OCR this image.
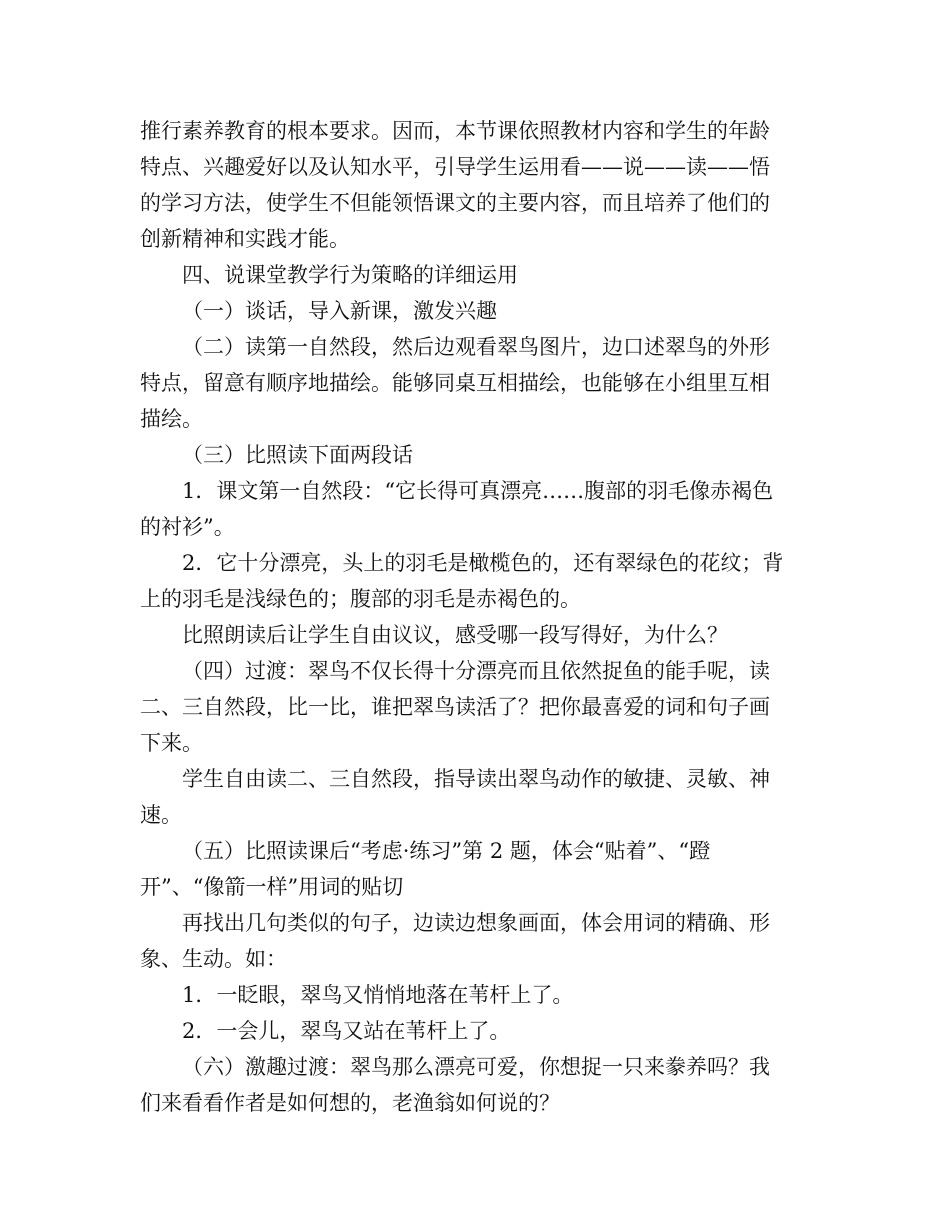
推行素养教育的根本要求。因而，本节课依照教材内容和学生的年龄
特点、兴趣爱好以及认知水平，引导学生运用看——说——读——悟
的学习方法，使学生不但能领悟课文的主要内容，而且培养了他们的
创新精神和实践才能。
四、说课堂教学行为策略的详细运用
（一）谈话，导入新课，激发兴趣
（二）读第一自然段，然后边观看翠鸟图片，边口述翠鸟的外形
特点，留意有顺序地描绘。能够同桌互相描绘，也能够在小组里互相
描绘。
（三）比照读下面两段话
1．课文第一自然段：“它长得可真漂亮……腹部的羽毛像赤褐色
的衬衫”。
2．它十分漂亮，头上的羽毛是橄榄色的，还有翠绿色的花纹；背
上的羽毛是浅绿色的；腹部的羽毛是赤褐色的。
比照朗读后让学生自由议议，感受哪一段写得好，为什么？
（四）过渡：翠鸟不仅长得十分漂亮而且依然捉鱼的能手呢，读
二、三自然段，比一比，谁把翠鸟读活了？把你最喜爱的词和句子画
下来。
学生自由读二、三自然段，指导读出翠鸟动作的敏捷、灵敏、神
速。
（五）比照读课后“考虑·练习”第 2 题，体会“贴着”、“蹬
开”、“像箭一样”用词的贴切
再找出几句类似的句子，边读边想象画面，体会用词的精确、形
象、生动。如：
1．一眨眼，翠鸟又悄悄地落在苇杆上了。
2．一会儿，翠鸟又站在苇杆上了。
（六）激趣过渡：翠鸟那么漂亮可爱，你想捉一只来豢养吗？我
们来看看作者是如何想的，老渔翁如何说的？
